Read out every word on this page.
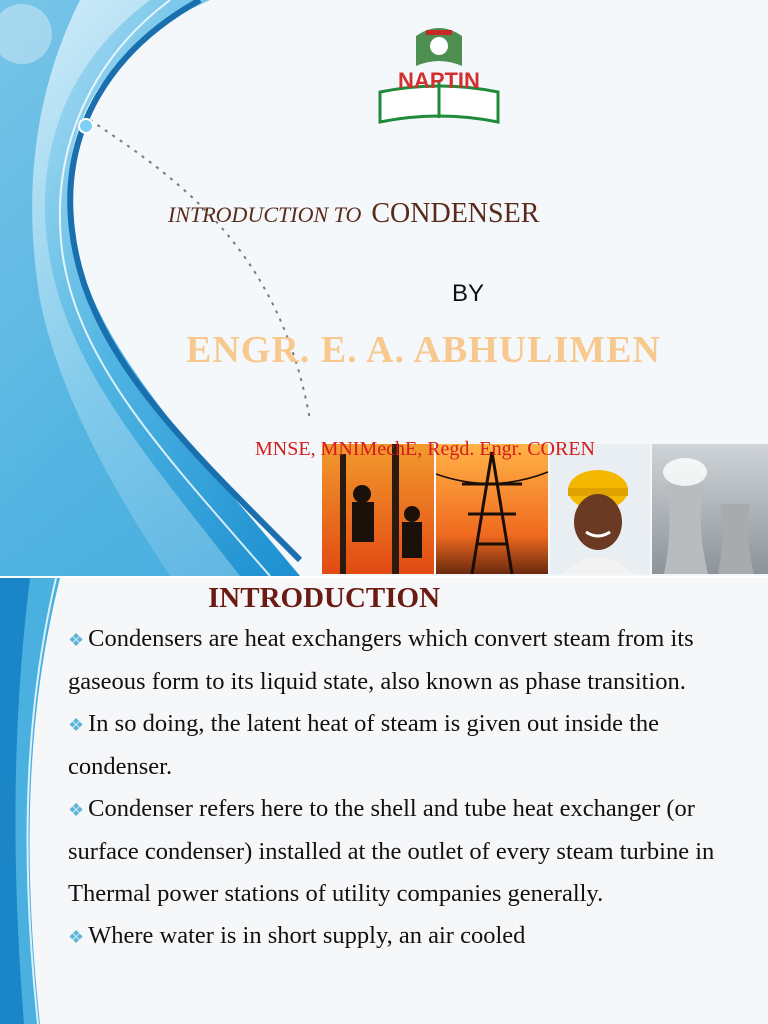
NAPTIN
INTRODUCTION TO CONDENSER
BY
ENGR. E. A. ABHULIMEN
MNSE, MNIMechE, Regd. Engr. COREN
INTRODUCTION

❖ Condensers are heat exchangers which convert steam from its gaseous form to its liquid state, also known as phase transition.

❖ In so doing, the latent heat of steam is given out inside the condenser.

❖ Condenser refers here to the shell and tube heat exchanger (or surface condenser) installed at the outlet of every steam turbine in Thermal power stations of utility companies generally.

❖ Where water is in short supply, an air cooled
